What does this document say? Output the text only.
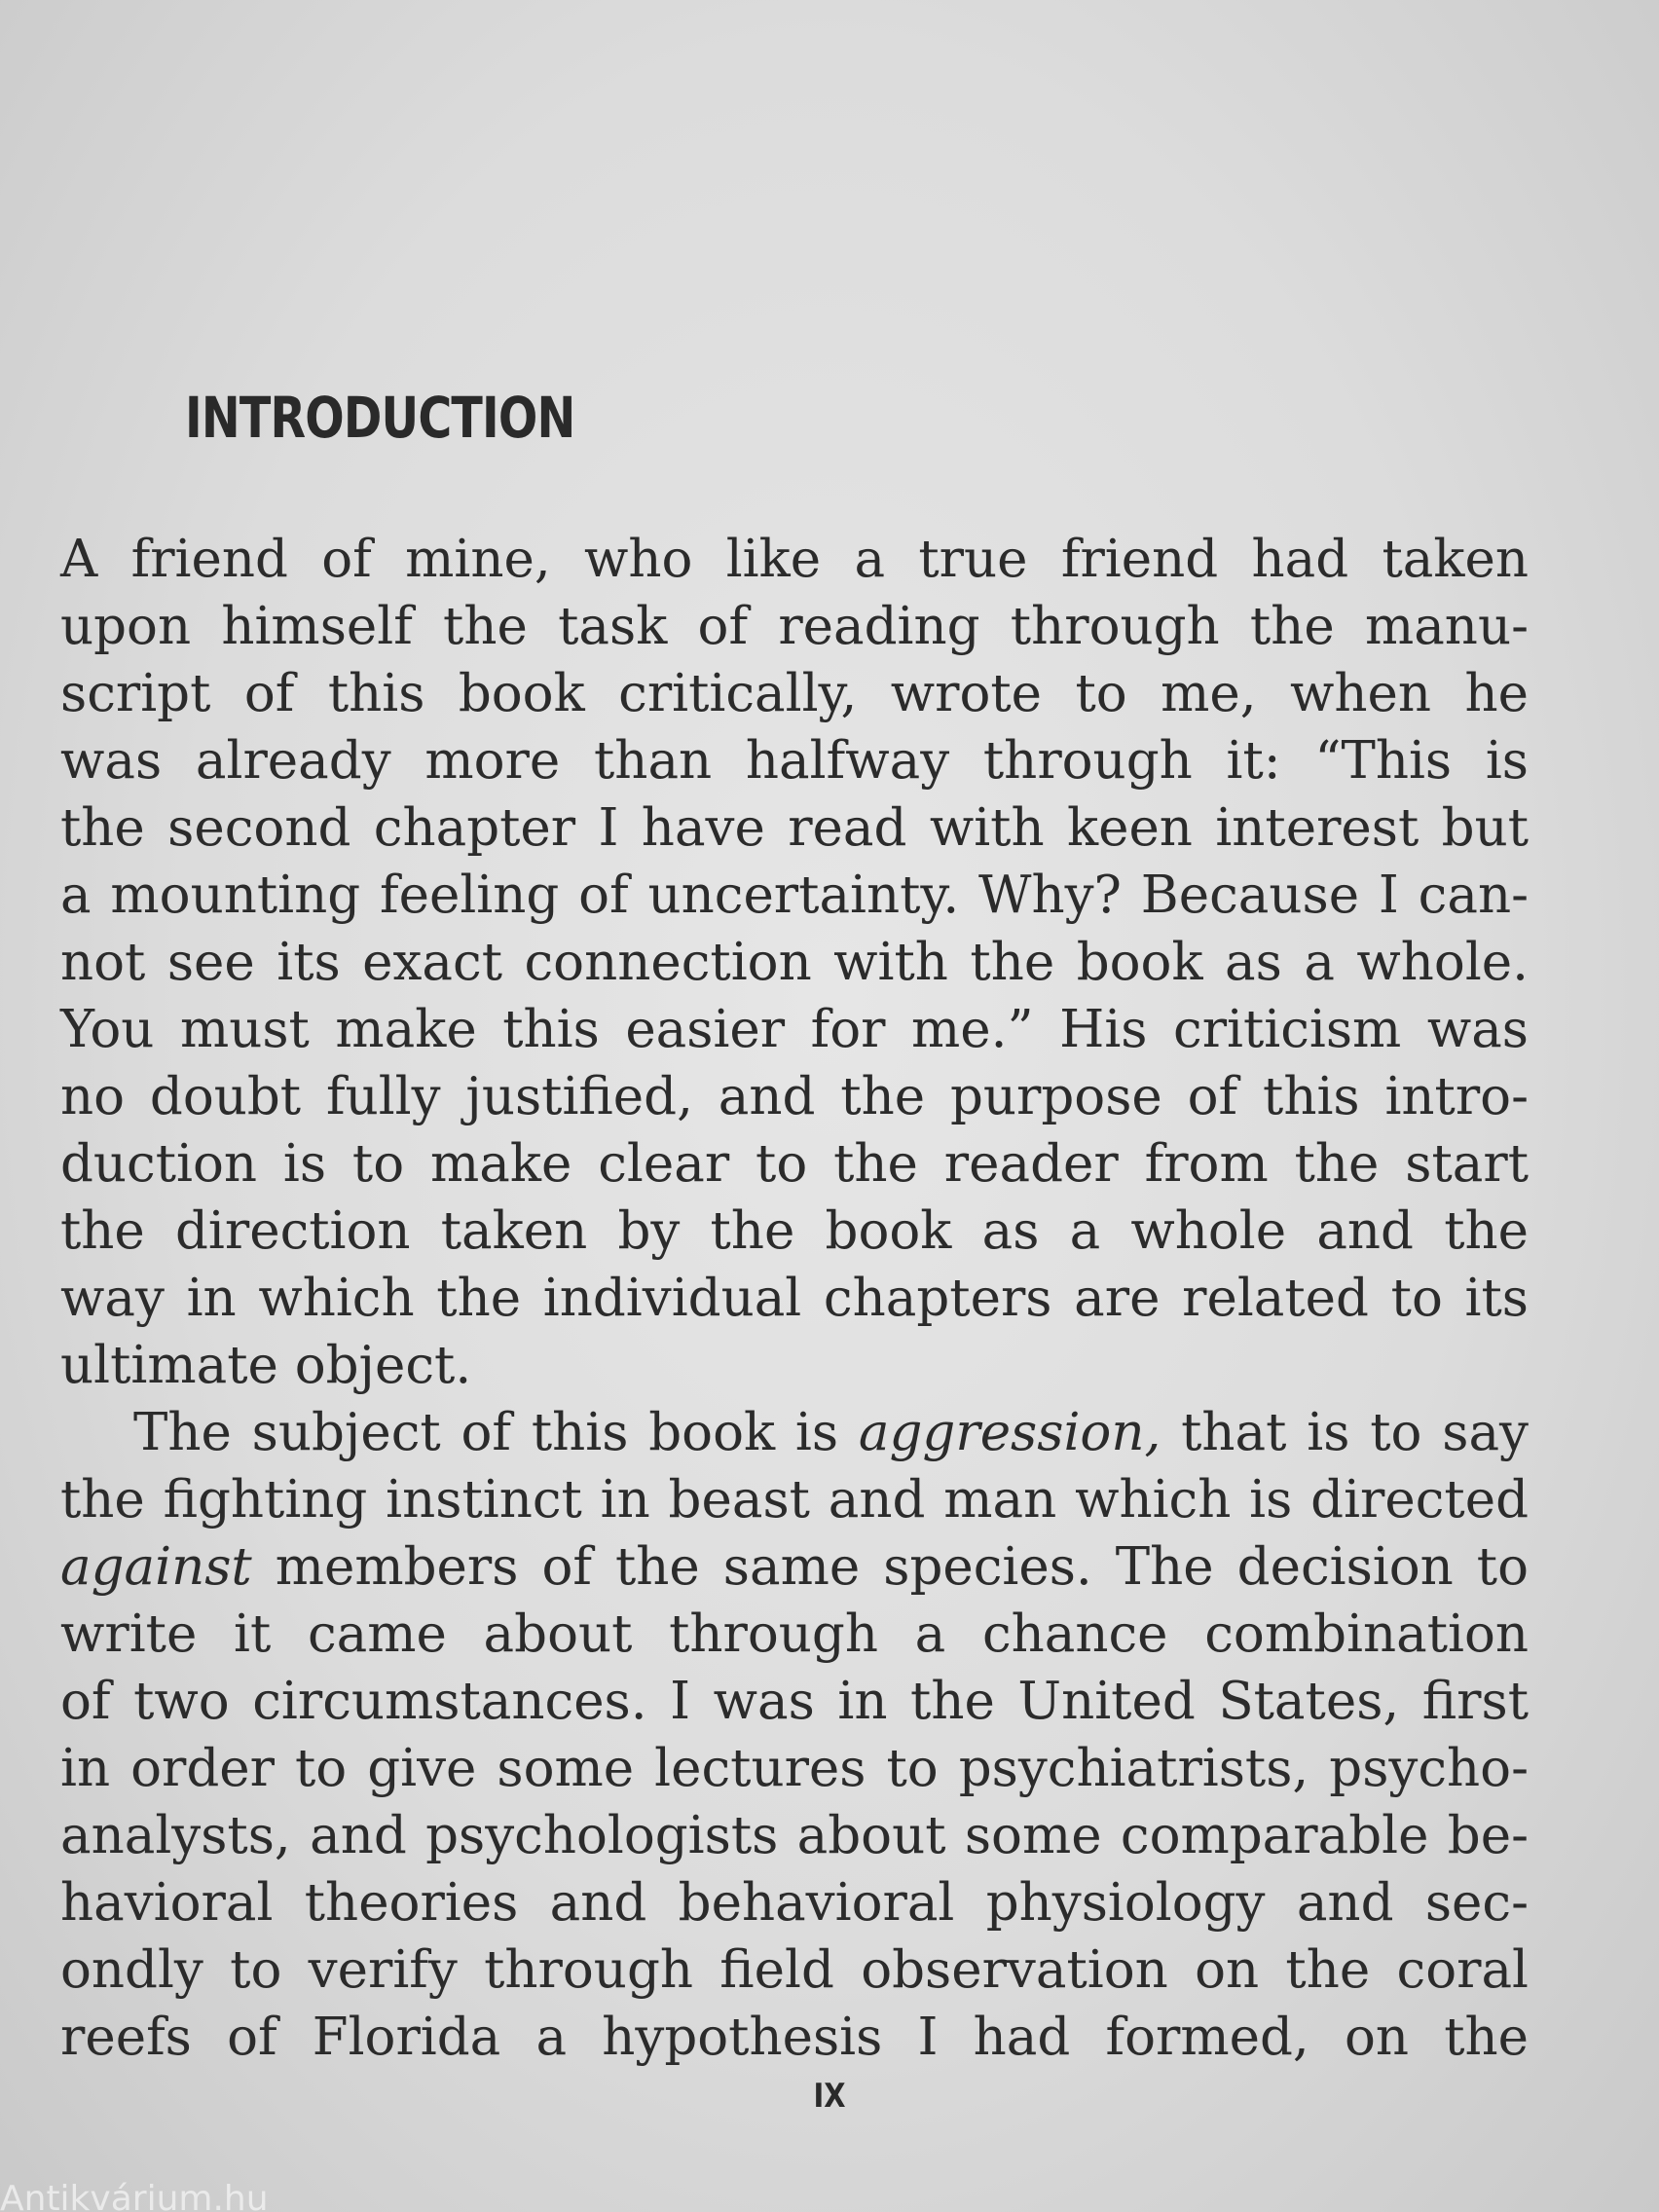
INTRODUCTION
A friend of mine, who like a true friend had taken
upon himself the task of reading through the manu-
script of this book critically, wrote to me, when he
was already more than halfway through it: “This is
the second chapter I have read with keen interest but
a mounting feeling of uncertainty. Why? Because I can-
not see its exact connection with the book as a whole.
You must make this easier for me.” His criticism was
no doubt fully justified, and the purpose of this intro-
duction is to make clear to the reader from the start
the direction taken by the book as a whole and the
way in which the individual chapters are related to its
ultimate object.
The subject of this book is aggression, that is to say
the fighting instinct in beast and man which is directed
against members of the same species. The decision to
write it came about through a chance combination
of two circumstances. I was in the United States, first
in order to give some lectures to psychiatrists, psycho-
analysts, and psychologists about some comparable be-
havioral theories and behavioral physiology and sec-
ondly to verify through field observation on the coral
reefs of Florida a hypothesis I had formed, on the
IX
Antikvárium.hu
